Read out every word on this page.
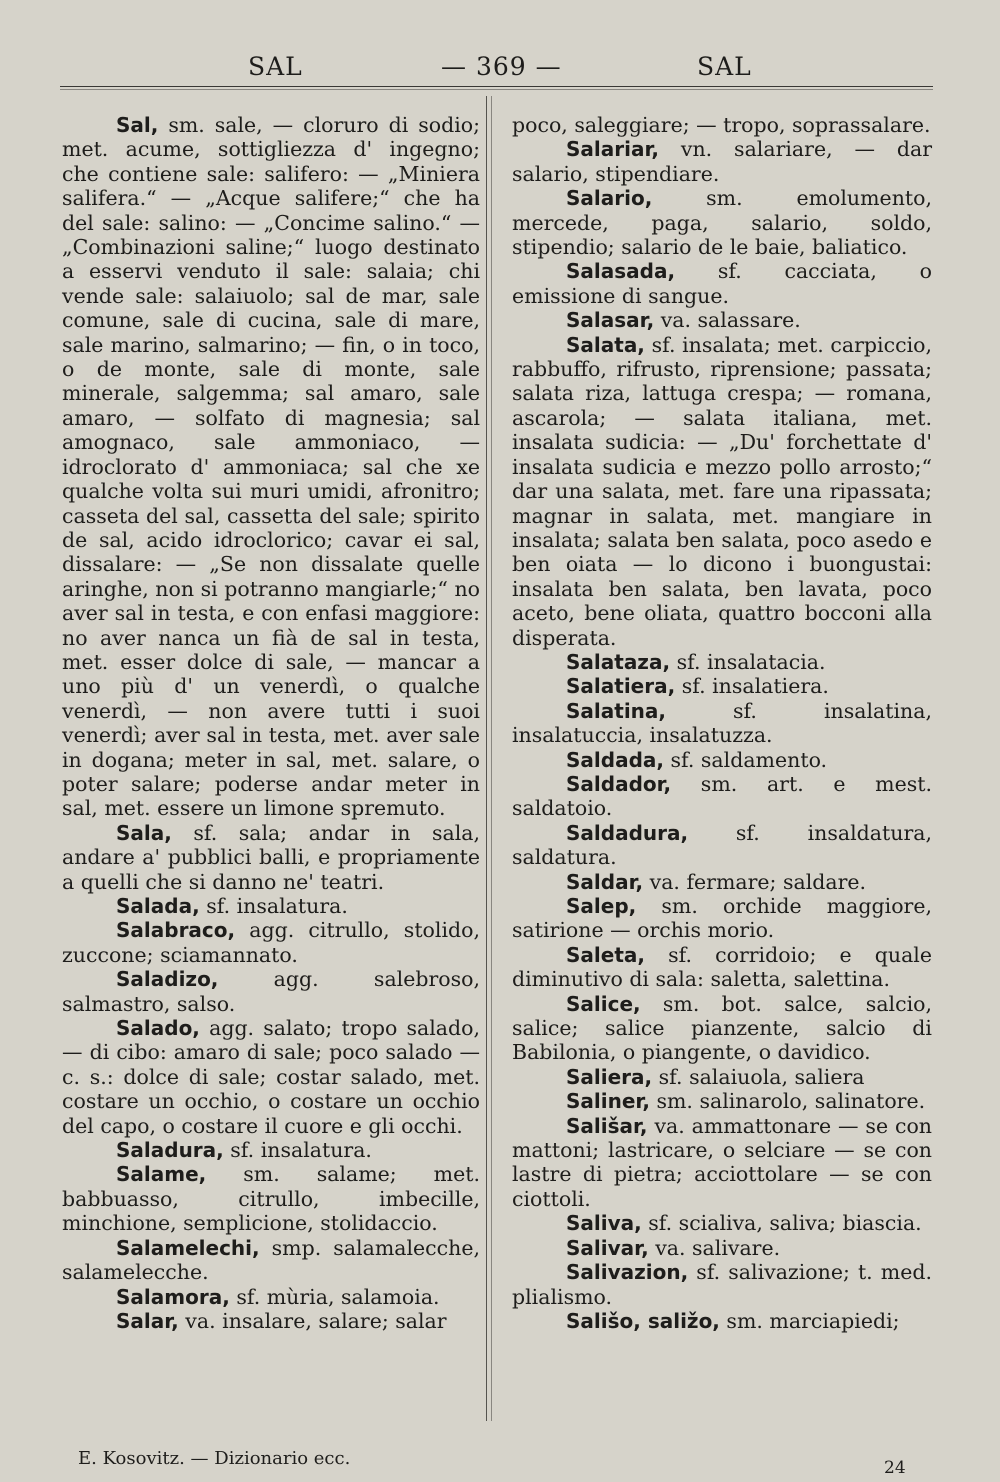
SAL	— 369 —	SAL

Sal, sm. sale, — cloruro di sodio; met. acume, sottigliezza d' ingegno; che contiene sale: salifero: — „Miniera salifera.“ — „Acque salifere;“ che ha del sale: salino: — „Concime salino.“ — „Combinazioni saline;“ luogo destinato a esservi venduto il sale: salaia; chi vende sale: salaiuolo; sal de mar, sale comune, sale di cucina, sale di mare, sale marino, salmarino; — fin, o in toco, o de monte, sale di monte, sale minerale, salgemma; sal amaro, sale amaro, — solfato di magnesia; sal amognaco, sale ammoniaco, — idroclorato d' ammoniaca; sal che xe qualche volta sui muri umidi, afronitro; casseta del sal, cassetta del sale; spirito de sal, acido idroclorico; cavar ei sal, dissalare: — „Se non dissalate quelle aringhe, non si potranno mangiarle;“ no aver sal in testa, e con enfasi maggiore: no aver nanca un fià de sal in testa, met. esser dolce di sale, — mancar a uno più d' un venerdì, o qualche venerdì, — non avere tutti i suoi venerdì; aver sal in testa, met. aver sale in dogana; meter in sal, met. salare, o poter salare; poderse andar meter in sal, met. essere un limone spremuto.

Sala, sf. sala; andar in sala, andare a' pubblici balli, e propriamente a quelli che si danno ne' teatri.

Salada, sf. insalatura.

Salabraco, agg. citrullo, stolido, zuccone; sciamannato.

Saladizo, agg. salebroso, salmastro, salso.

Salado, agg. salato; tropo salado, — di cibo: amaro di sale; poco salado — c. s.: dolce di sale; costar salado, met. costare un occhio, o costare un occhio del capo, o costare il cuore e gli occhi.

Saladura, sf. insalatura.

Salame, sm. salame; met. babbuasso, citrullo, imbecille, minchione, semplicione, stolidaccio.

Salamelechi, smp. salamalecche, salamelecche.

Salamora, sf. mùria, salamoia.

Salar, va. insalare, salare; salar

poco, saleggiare; — tropo, soprassalare.

Salariar, vn. salariare, — dar salario, stipendiare.

Salario, sm. emolumento, mercede, paga, salario, soldo, stipendio; salario de le baie, baliatico.

Salasada, sf. cacciata, o emissione di sangue.

Salasar, va. salassare.

Salata, sf. insalata; met. carpiccio, rabbuffo, rifrusto, riprensione; passata; salata riza, lattuga crespa; — romana, ascarola; — salata italiana, met. insalata sudicia: — „Du' forchettate d' insalata sudicia e mezzo pollo arrosto;“ dar una salata, met. fare una ripassata; magnar in salata, met. mangiare in insalata; salata ben salata, poco asedo e ben oiata — lo dicono i buongustai: insalata ben salata, ben lavata, poco aceto, bene oliata, quattro bocconi alla disperata.

Salataza, sf. insalatacia.

Salatiera, sf. insalatiera.

Salatina, sf. insalatina, insalatuccia, insalatuzza.

Saldada, sf. saldamento.

Saldador, sm. art. e mest. saldatoio.

Saldadura, sf. insaldatura, saldatura.

Saldar, va. fermare; saldare.

Salep, sm. orchide maggiore, satirione — orchis morio.

Saleta, sf. corridoio; e quale diminutivo di sala: saletta, salettina.

Salice, sm. bot. salce, salcio, salice; salice pianzente, salcio di Babilonia, o piangente, o davidico.

Saliera, sf. salaiuola, saliera

Saliner, sm. salinarolo, salinatore.

Sališar, va. ammattonare — se con mattoni; lastricare, o selciare — se con lastre di pietra; acciottolare — se con ciottoli.

Saliva, sf. scialiva, saliva; biascia.

Salivar, va. salivare.

Salivazion, sf. salivazione; t. med. plialismo.

Sališo, saližo, sm. marciapiedi;

E. Kosovitz. — Dizionario ecc.	24
